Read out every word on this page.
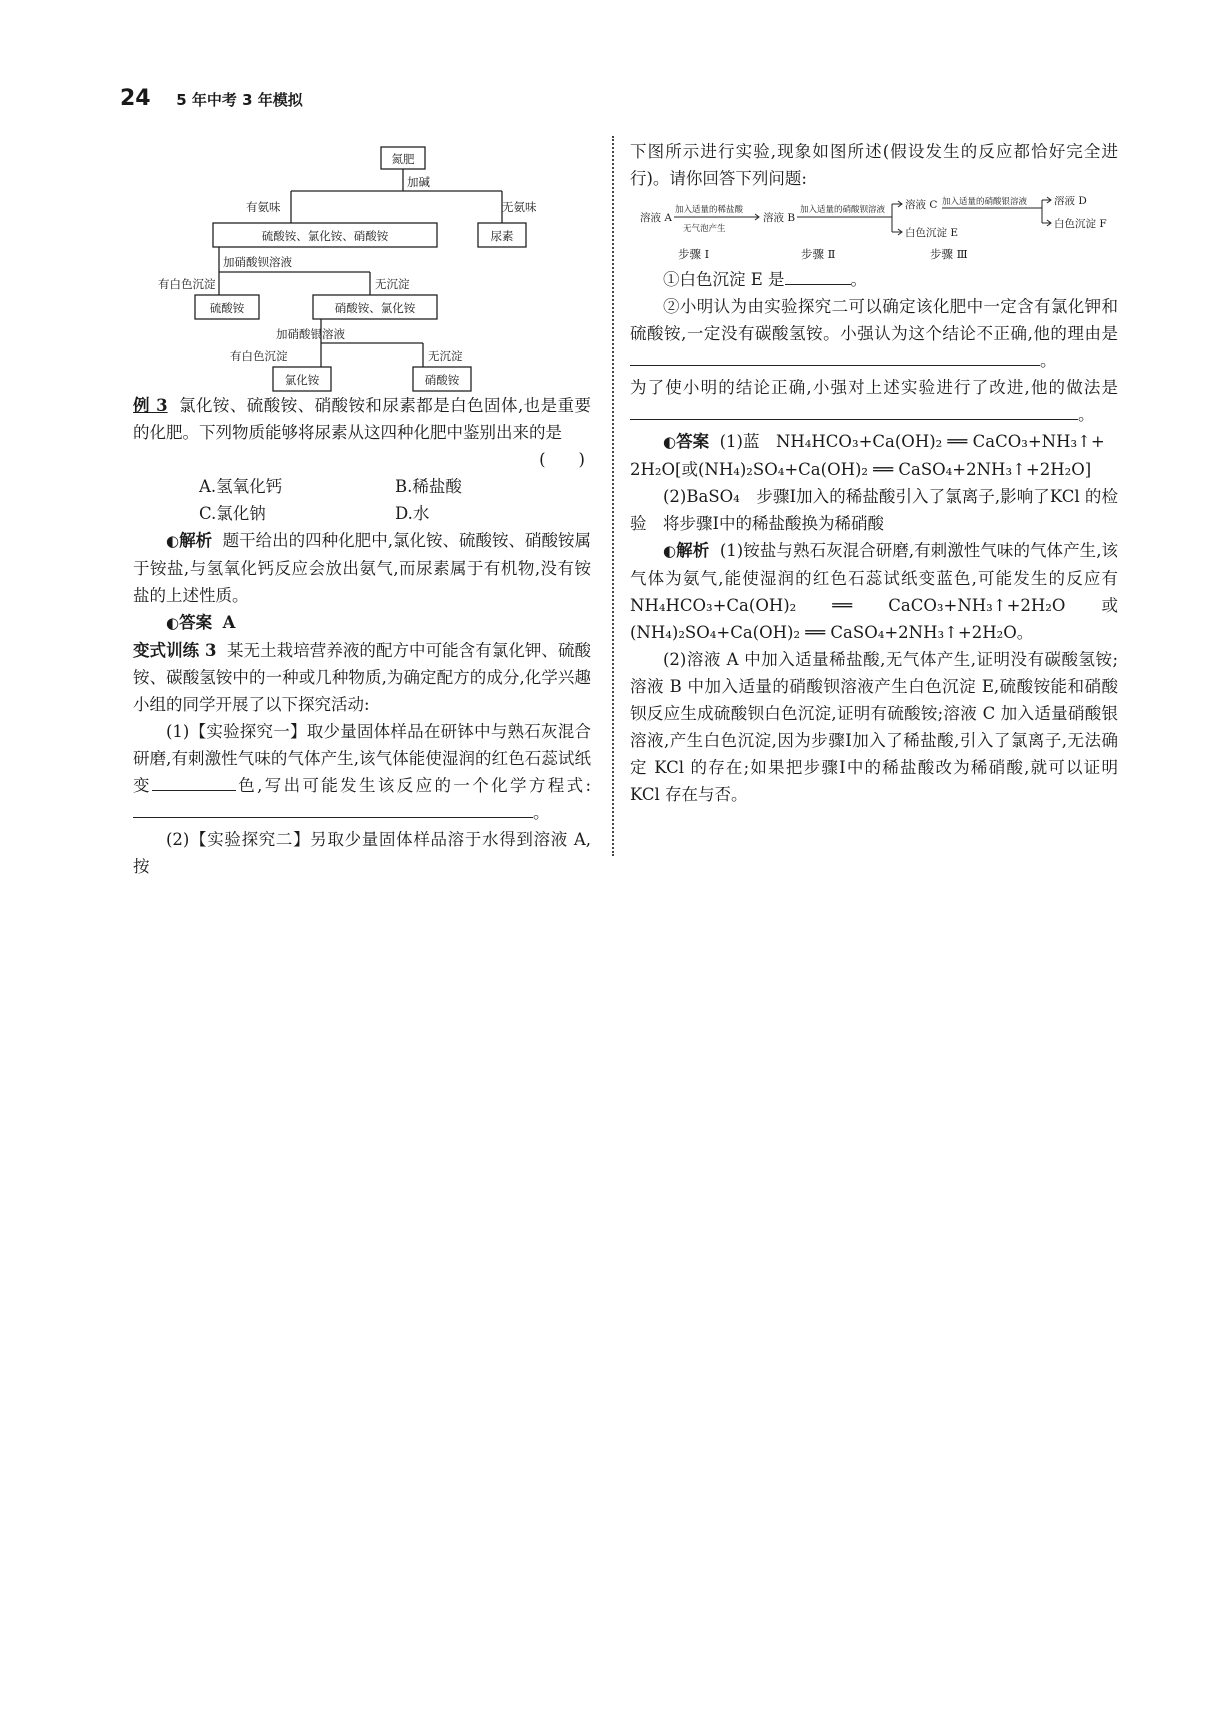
24 5 年中考 3 年模拟
氮肥
加碱
有氨味	无氨味
硫酸铵、氯化铵、硝酸铵	尿素
加硝酸钡溶液
有白色沉淀	无沉淀
硫酸铵	硝酸铵、氯化铵
加硝酸银溶液
有白色沉淀	无沉淀
氯化铵	硝酸铵

例 3 氯化铵、硫酸铵、硝酸铵和尿素都是白色固体,也是重要的化肥。下列物质能够将尿素从这四种化肥中鉴别出来的是

(　　)
A.氢氧化钙	B.稀盐酸
C.氯化钠	D.水

◐解析 题干给出的四种化肥中,氯化铵、硫酸铵、硝酸铵属于铵盐,与氢氧化钙反应会放出氨气,而尿素属于有机物,没有铵盐的上述性质。

◐答案 A

变式训练 3 某无土栽培营养液的配方中可能含有氯化钾、硫酸铵、碳酸氢铵中的一种或几种物质,为确定配方的成分,化学兴趣小组的同学开展了以下探究活动:

(1)【实验探究一】取少量固体样品在研钵中与熟石灰混合研磨,有刺激性气味的气体产生,该气体能使湿润的红色石蕊试纸变	色,写出可能发生该反应的一个化学方程式:。

(2)【实验探究二】另取少量固体样品溶于水得到溶液 A,按

下图所示进行实验,现象如图所述(假设发生的反应都恰好完全进行)。请你回答下列问题:

溶液 A
加入适量的稀盐酸
无气泡产生
溶液 B
加入适量的硝酸钡溶液 溶液 C
白色沉淀 E
加入适量的硝酸银溶液	溶液 D
白色沉淀 F
步骤 Ⅰ	步骤 Ⅱ	步骤 Ⅲ

①白色沉淀 E 是	。

②小明认为由实验探究二可以确定该化肥中一定含有氯化钾和硫酸铵,一定没有碳酸氢铵。小强认为这个结论不正确,他的理由是。

为了使小明的结论正确,小强对上述实验进行了改进,他的做法是。

◐答案 (1)蓝　NH₄HCO₃+Ca(OH)₂ ══ CaCO₃+NH₃↑+

2H₂O[或(NH₄)₂SO₄+Ca(OH)₂ ══ CaSO₄+2NH₃↑+2H₂O]

(2)BaSO₄　步骤Ⅰ加入的稀盐酸引入了氯离子,影响了KCl 的检验　将步骤Ⅰ中的稀盐酸换为稀硝酸

◐解析 (1)铵盐与熟石灰混合研磨,有刺激性气味的气体产生,该气体为氨气,能使湿润的红色石蕊试纸变蓝色,可能发生的反应有 NH₄HCO₃+Ca(OH)₂ ══ CaCO₃+NH₃↑+2H₂O 或(NH₄)₂SO₄+Ca(OH)₂ ══ CaSO₄+2NH₃↑+2H₂O。

(2)溶液 A 中加入适量稀盐酸,无气体产生,证明没有碳酸氢铵;溶液 B 中加入适量的硝酸钡溶液产生白色沉淀 E,硫酸铵能和硝酸钡反应生成硫酸钡白色沉淀,证明有硫酸铵;溶液 C 加入适量硝酸银溶液,产生白色沉淀,因为步骤Ⅰ加入了稀盐酸,引入了氯离子,无法确定 KCl 的存在;如果把步骤Ⅰ中的稀盐酸改为稀硝酸,就可以证明 KCl 存在与否。
